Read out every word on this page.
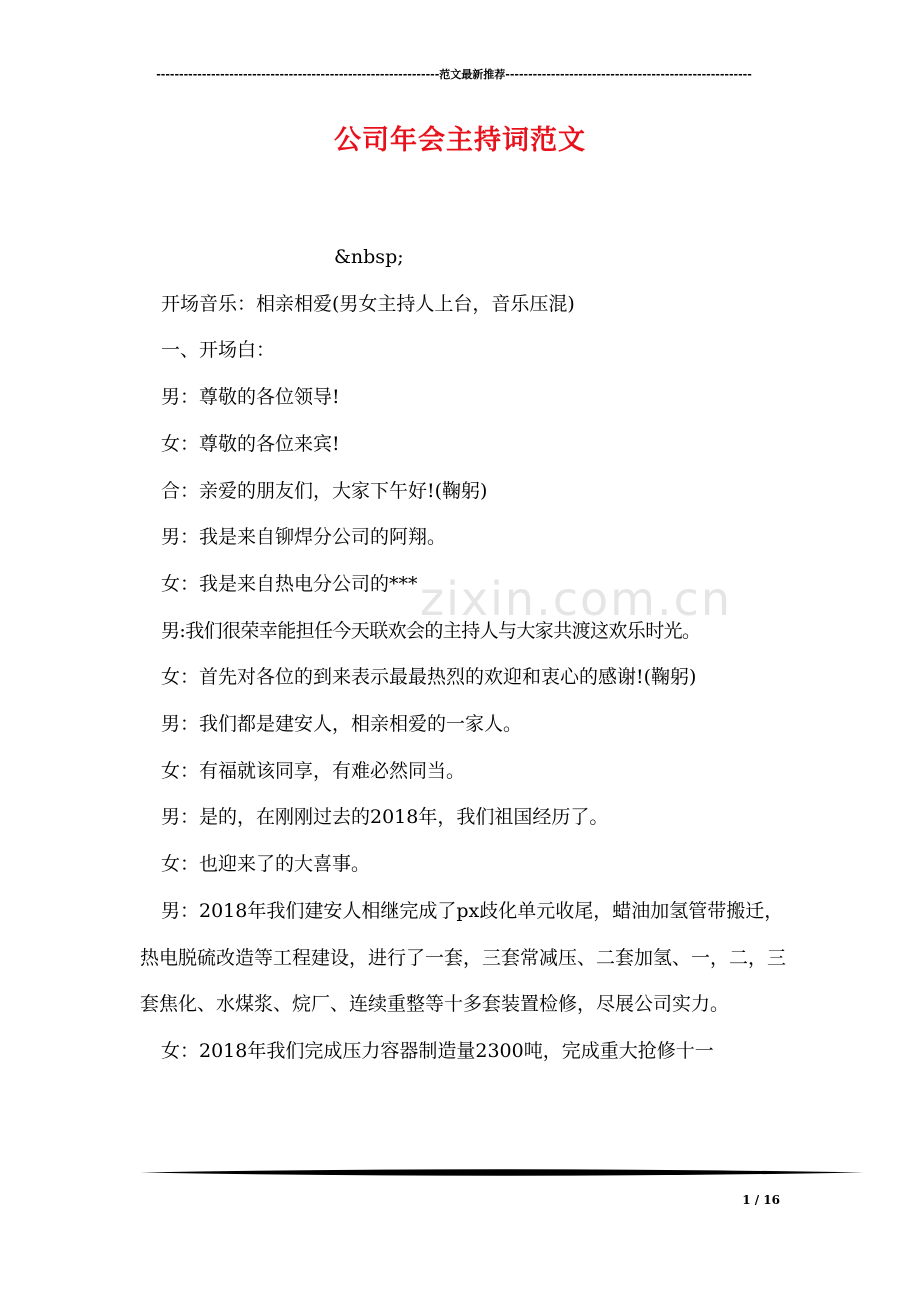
--------------------------------------------------------------范文最新推荐------------------------------------------------------
公司年会主持词范文
zixin.com.cn

&nbsp;

开场音乐：相亲相爱(男女主持人上台，音乐压混)

一、开场白：

男：尊敬的各位领导!

女：尊敬的各位来宾!

合：亲爱的朋友们，大家下午好!(鞠躬)

男：我是来自铆焊分公司的阿翔。

女：我是来自热电分公司的***

男:我们很荣幸能担任今天联欢会的主持人与大家共渡这欢乐时光。

女：首先对各位的到来表示最最热烈的欢迎和衷心的感谢!(鞠躬)

男：我们都是建安人，相亲相爱的一家人。

女：有福就该同享，有难必然同当。

男：是的，在刚刚过去的2018年，我们祖国经历了。

女：也迎来了的大喜事。

男：2018年我们建安人相继完成了px歧化单元收尾，蜡油加氢管带搬迁，热电脱硫改造等工程建设，进行了一套，三套常减压、二套加氢、一，二，三套焦化、水煤浆、烷厂、连续重整等十多套装置检修，尽展公司实力。

女：2018年我们完成压力容器制造量2300吨，完成重大抢修十一

1 / 16
